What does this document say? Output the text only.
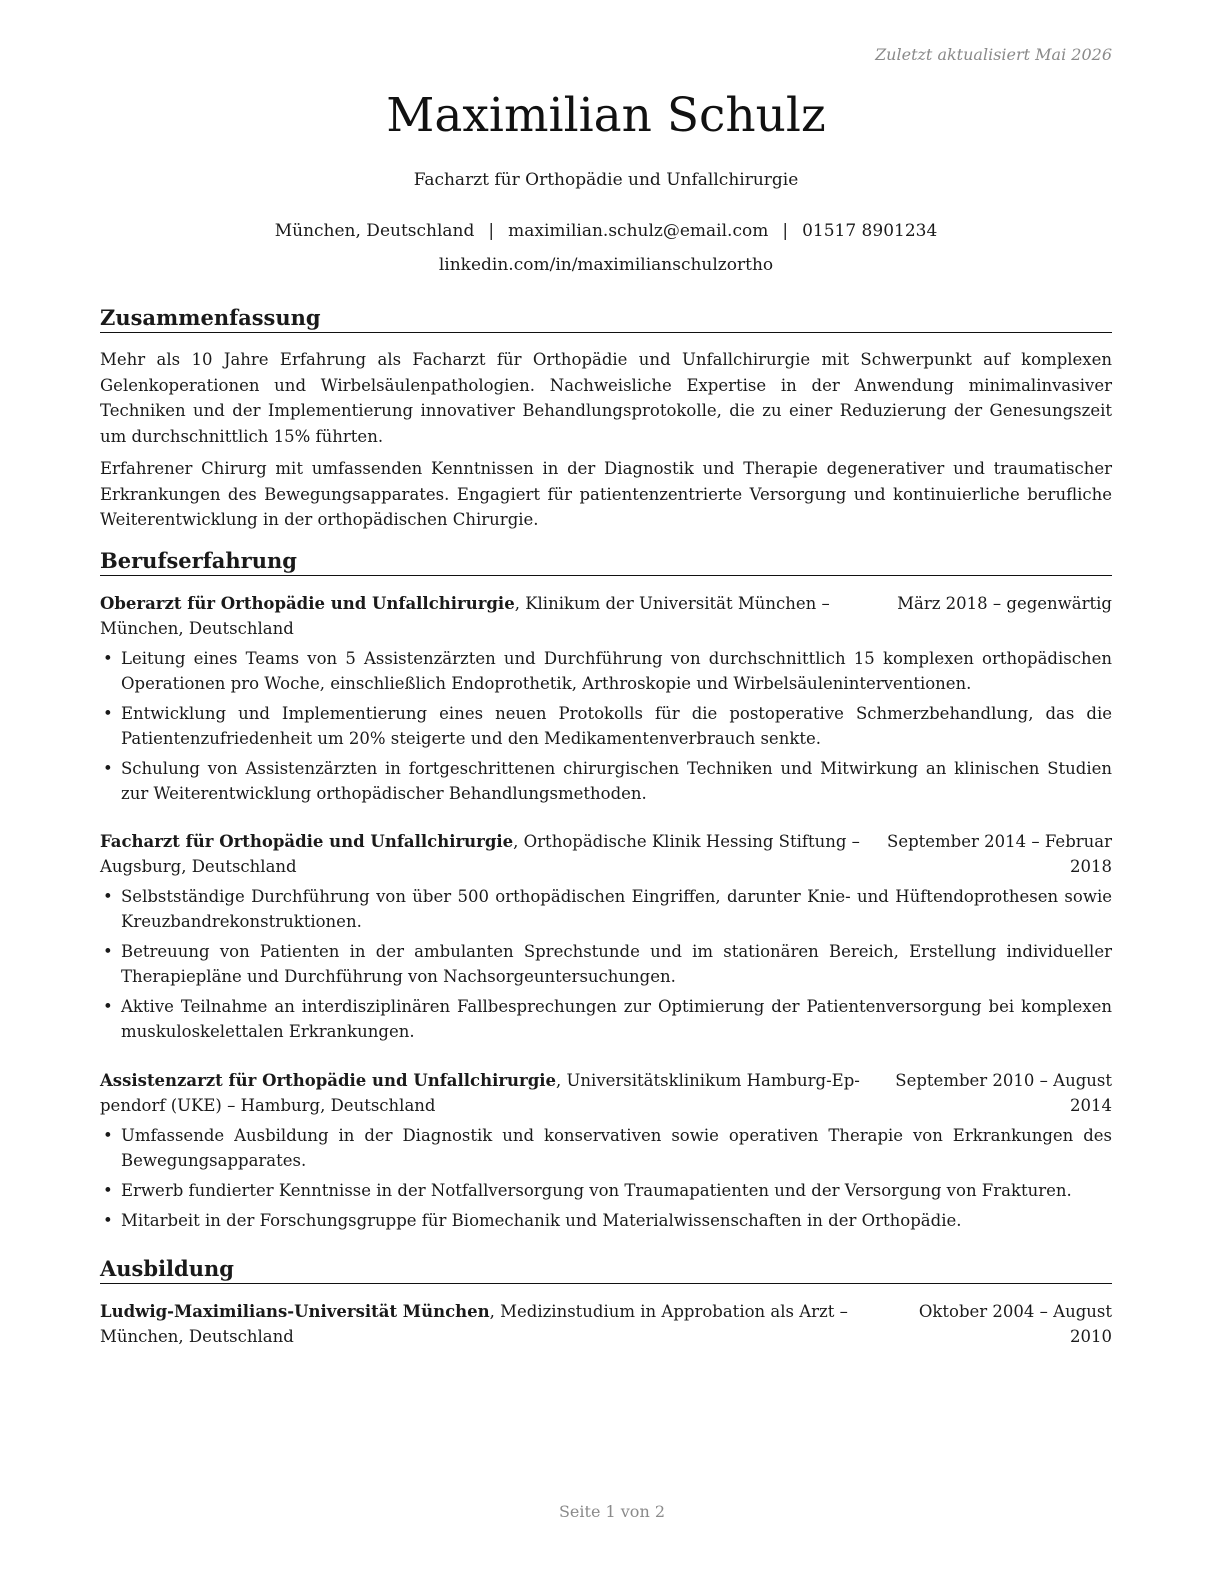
Zuletzt aktualisiert Mai 2026
Maximilian Schulz
Facharzt für Orthopädie und Unfallchirurgie
München, Deutschland | maximilian.schulz@email.com | 01517 8901234
linkedin.com/in/maximilianschulzortho
Zusammenfassung
Mehr als 10 Jahre Erfahrung als Facharzt für Orthopädie und Unfallchirurgie mit Schwerpunkt auf komplexen Gelenkoperationen und Wirbelsäulenpathologien. Nachweisliche Expertise in der Anwendung minimalinvasiver Techniken und der Implementierung innovativer Behandlungsprotokolle, die zu einer Reduzierung der Genesungszeit um durchschnittlich 15% führten.
Erfahrener Chirurg mit umfassenden Kenntnissen in der Diagnostik und Therapie degenerativer und traumatischer Erkrankungen des Bewegungsapparates. Engagiert für patientenzentrierte Versorgung und kontinuierliche berufliche Weiterentwicklung in der orthopädischen Chirurgie.
Berufserfahrung
Oberarzt für Orthopädie und Unfallchirurgie, Klinikum der Universität München –	März 2018 – gegenwärtig
München, Deutschland
• Leitung eines Teams von 5 Assistenzärzten und Durchführung von durchschnittlich 15 komplexen orthopädischen Operationen pro Woche, einschließlich Endoprothetik, Arthroskopie und Wirbelsäuleninterventionen.
• Entwicklung und Implementierung eines neuen Protokolls für die postoperative Schmerzbehandlung, das die Patientenzufriedenheit um 20% steigerte und den Medikamentenverbrauch senkte.
• Schulung von Assistenzärzten in fortgeschrittenen chirurgischen Techniken und Mitwirkung an klinischen Studien zur Weiterentwicklung orthopädischer Behandlungsmethoden.
Facharzt für Orthopädie und Unfallchirurgie, Orthopädische Klinik Hessing Stiftung – September 2014 – Februar
Augsburg, Deutschland	2018
• Selbstständige Durchführung von über 500 orthopädischen Eingriffen, darunter Knie- und Hüftendoprothesen sowie Kreuzbandrekonstruktionen.
• Betreuung von Patienten in der ambulanten Sprechstunde und im stationären Bereich, Erstellung individueller Therapiepläne und Durchführung von Nachsorgeuntersuchungen.
• Aktive Teilnahme an interdisziplinären Fallbesprechungen zur Optimierung der Patientenversorgung bei komplexen muskuloskelettalen Erkrankungen.
Assistenzarzt für Orthopädie und Unfallchirurgie, Universitätsklinikum Hamburg-Ep- September 2010 – August
pendorf (UKE) – Hamburg, Deutschland	2014
• Umfassende Ausbildung in der Diagnostik und konservativen sowie operativen Therapie von Erkrankungen des Bewegungsapparates.
• Erwerb fundierter Kenntnisse in der Notfallversorgung von Traumapatienten und der Versorgung von Frakturen.
• Mitarbeit in der Forschungsgruppe für Biomechanik und Materialwissenschaften in der Orthopädie.
Ausbildung
Ludwig-Maximilians-Universität München, Medizinstudium in Approbation als Arzt –	Oktober 2004 – August
München, Deutschland	2010
Seite 1 von 2
